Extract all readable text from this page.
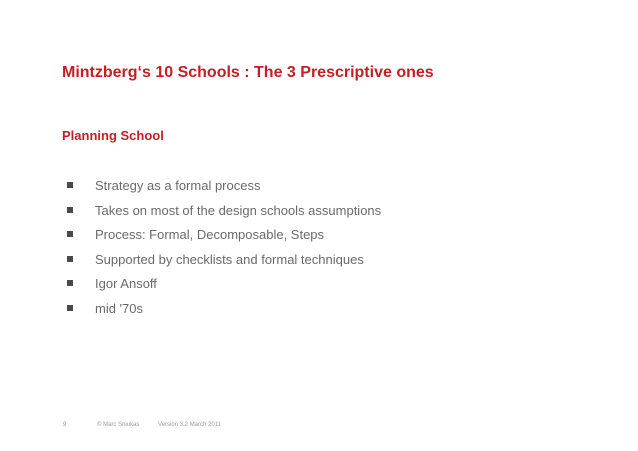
Mintzberg‘s 10 Schools : The 3 Prescriptive ones
Planning School
Strategy as a formal process
Takes on most of the design schools assumptions
Process: Formal, Decomposable, Steps
Supported by checklists and formal techniques
Igor Ansoff
mid '70s
9	© Marc Sniukas	Version 3.2 March 2011
